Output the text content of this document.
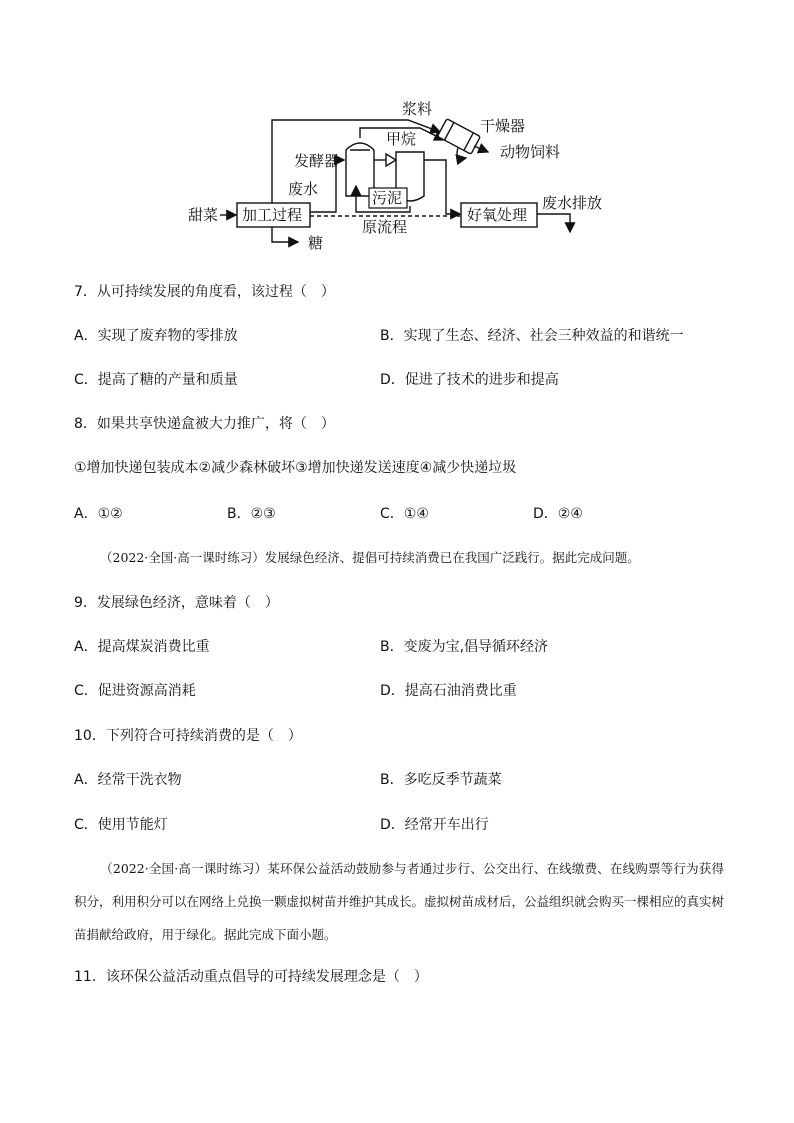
甜菜 加工过程
糖
废水
发酵器
甲烷
污泥
浆料
干燥器
动物饲料
原流程
好氧处理
废水排放
7．从可持续发展的角度看，该过程（　）
A．实现了废弃物的零排放	B．实现了生态、经济、社会三种效益的和谐统一
C．提高了糖的产量和质量	D．促进了技术的进步和提高
8．如果共享快递盒被大力推广，将（　）
①增加快递包装成本②减少森林破坏③增加快递发送速度④减少快递垃圾
A．①②	B．②③	C．①④	D．②④
（2022·全国·高一课时练习）发展绿色经济、提倡可持续消费已在我国广泛践行。据此完成问题。
9．发展绿色经济，意味着（　）
A．提高煤炭消费比重	B．变废为宝,倡导循环经济
C．促进资源高消耗	D．提高石油消费比重
10．下列符合可持续消费的是（　）
A．经常干洗衣物	B．多吃反季节蔬菜
C．使用节能灯	D．经常开车出行
（2022·全国·高一课时练习）某环保公益活动鼓励参与者通过步行、公交出行、在线缴费、在线购票等行为获得积分，利用积分可以在网络上兑换一颗虚拟树苗并维护其成长。虚拟树苗成材后，公益组织就会购买一棵相应的真实树苗捐献给政府，用于绿化。据此完成下面小题。
11．该环保公益活动重点倡导的可持续发展理念是（　）
